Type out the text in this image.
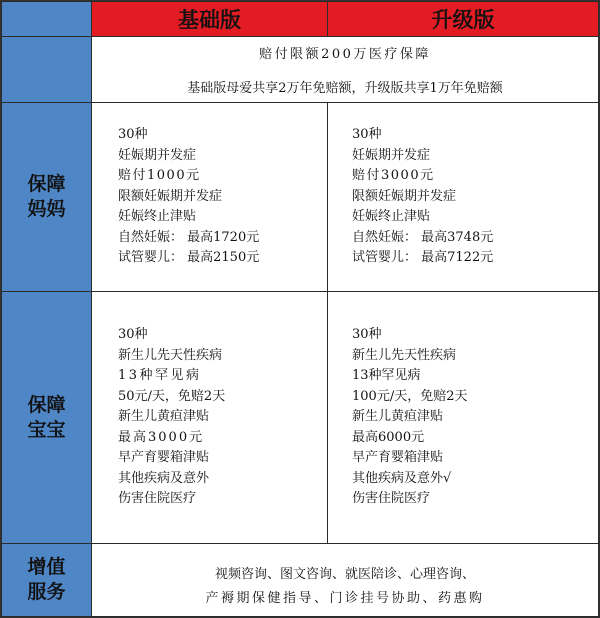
基础版	升级版
赔付限额200万医疗保障
基础版母爱共享2万年免赔额，升级版共享1万年免赔额
保障
妈妈
30种
妊娠期并发症
赔付1000元
限额妊娠期并发症
妊娠终止津贴
自然妊娠： 最高1720元
试管婴儿： 最高2150元
30种
妊娠期并发症
赔付3000元
限额妊娠期并发症
妊娠终止津贴
自然妊娠： 最高3748元
试管婴儿： 最高7122元
保障
宝宝
30种
新生儿先天性疾病
13种罕见病
50元/天，免赔2天
新生儿黄疸津贴
最高3000元
早产育婴箱津贴
其他疾病及意外
伤害住院医疗
30种
新生儿先天性疾病
13种罕见病
100元/天，免赔2天
新生儿黄疸津贴
最高6000元
早产育婴箱津贴
其他疾病及意外√
伤害住院医疗
增值
服务
视频咨询、图文咨询、就医陪诊、心理咨询、
产褥期保健指导、门诊挂号协助、药惠购
